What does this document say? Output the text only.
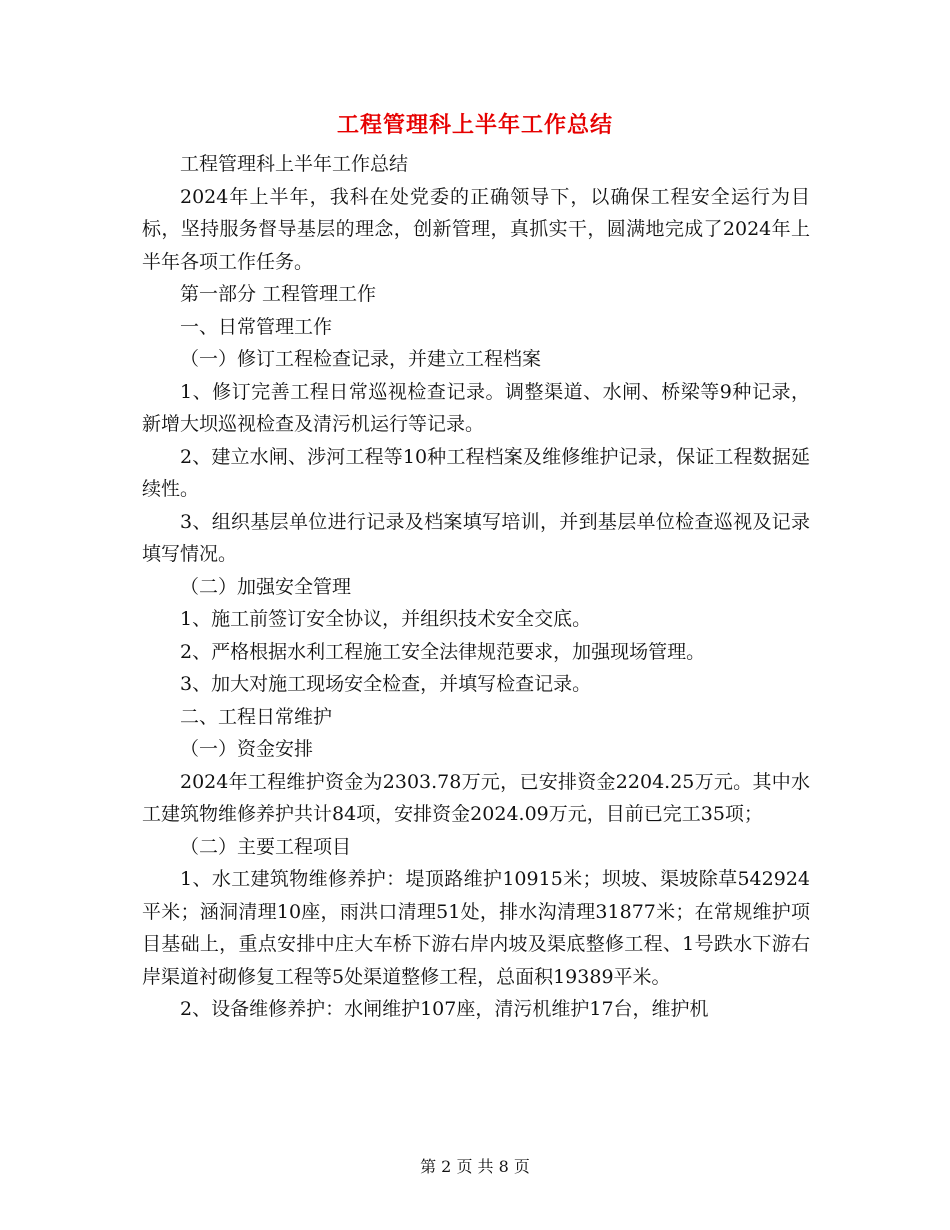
工程管理科上半年工作总结

工程管理科上半年工作总结

2024年上半年，我科在处党委的正确领导下，以确保工程安全运行为目标，坚持服务督导基层的理念，创新管理，真抓实干，圆满地完成了2024年上半年各项工作任务。

第一部分 工程管理工作

一、日常管理工作

（一）修订工程检查记录，并建立工程档案

1、修订完善工程日常巡视检查记录。调整渠道、水闸、桥梁等9种记录，新增大坝巡视检查及清污机运行等记录。

2、建立水闸、涉河工程等10种工程档案及维修维护记录，保证工程数据延续性。

3、组织基层单位进行记录及档案填写培训，并到基层单位检查巡视及记录填写情况。

（二）加强安全管理

1、施工前签订安全协议，并组织技术安全交底。

2、严格根据水利工程施工安全法律规范要求，加强现场管理。

3、加大对施工现场安全检查，并填写检查记录。

二、工程日常维护

（一）资金安排

2024年工程维护资金为2303.78万元，已安排资金2204.25万元。其中水工建筑物维修养护共计84项，安排资金2024.09万元，目前已完工35项；

（二）主要工程项目

1、水工建筑物维修养护：堤顶路维护10915米；坝坡、渠坡除草542924平米；涵洞清理10座，雨洪口清理51处，排水沟清理31877米；在常规维护项目基础上，重点安排中庄大车桥下游右岸内坡及渠底整修工程、1号跌水下游右岸渠道衬砌修复工程等5处渠道整修工程，总面积19389平米。

2、设备维修养护：水闸维护107座，清污机维护17台，维护机

第 2 页 共 8 页
